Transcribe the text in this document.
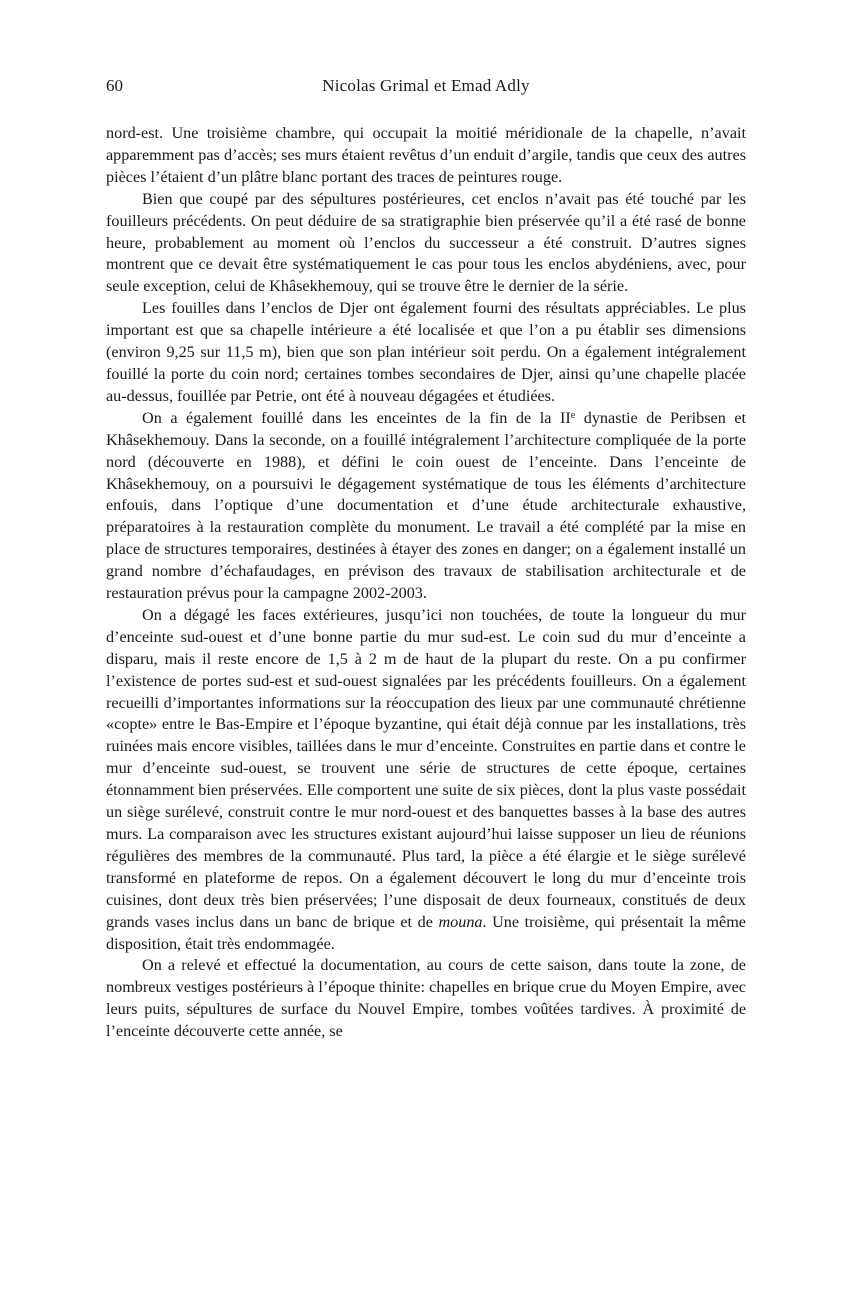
60	Nicolas Grimal et Emad Adly

nord-est. Une troisième chambre, qui occupait la moitié méridionale de la chapelle, n’avait apparemment pas d’accès; ses murs étaient revêtus d’un enduit d’argile, tandis que ceux des autres pièces l’étaient d’un plâtre blanc portant des traces de peintures rouge.

Bien que coupé par des sépultures postérieures, cet enclos n’avait pas été touché par les fouilleurs précédents. On peut déduire de sa stratigraphie bien préservée qu’il a été rasé de bonne heure, probablement au moment où l’enclos du successeur a été construit. D’autres signes montrent que ce devait être systématiquement le cas pour tous les enclos abydéniens, avec, pour seule exception, celui de Khâsekhemouy, qui se trouve être le dernier de la série.

Les fouilles dans l’enclos de Djer ont également fourni des résultats appréciables. Le plus important est que sa chapelle intérieure a été localisée et que l’on a pu établir ses dimensions (environ 9,25 sur 11,5 m), bien que son plan intérieur soit perdu. On a également intégralement fouillé la porte du coin nord; certaines tombes secondaires de Djer, ainsi qu’une chapelle placée au-dessus, fouillée par Petrie, ont été à nouveau dégagées et étudiées.

On a également fouillé dans les enceintes de la fin de la IIe dynastie de Peribsen et Khâsekhemouy. Dans la seconde, on a fouillé intégralement l’architecture compliquée de la porte nord (découverte en 1988), et défini le coin ouest de l’enceinte. Dans l’enceinte de Khâsekhemouy, on a poursuivi le dégagement systématique de tous les éléments d’architecture enfouis, dans l’optique d’une documentation et d’une étude architecturale exhaustive, préparatoires à la restauration complète du monument. Le travail a été complété par la mise en place de structures temporaires, destinées à étayer des zones en danger; on a également installé un grand nombre d’échafaudages, en prévison des travaux de stabilisation architecturale et de restauration prévus pour la campagne 2002-2003.

On a dégagé les faces extérieures, jusqu’ici non touchées, de toute la longueur du mur d’enceinte sud-ouest et d’une bonne partie du mur sud-est. Le coin sud du mur d’enceinte a disparu, mais il reste encore de 1,5 à 2 m de haut de la plupart du reste. On a pu confirmer l’existence de portes sud-est et sud-ouest signalées par les précédents fouilleurs. On a également recueilli d’importantes informations sur la réoccupation des lieux par une communauté chrétienne «copte» entre le Bas-Empire et l’époque byzantine, qui était déjà connue par les installations, très ruinées mais encore visibles, taillées dans le mur d’enceinte. Construites en partie dans et contre le mur d’enceinte sud-ouest, se trouvent une série de structures de cette époque, certaines étonnamment bien préservées. Elle comportent une suite de six pièces, dont la plus vaste possédait un siège surélevé, construit contre le mur nord-ouest et des banquettes basses à la base des autres murs. La comparaison avec les structures existant aujourd’hui laisse supposer un lieu de réunions régulières des membres de la communauté. Plus tard, la pièce a été élargie et le siège surélevé transformé en plateforme de repos. On a également découvert le long du mur d’enceinte trois cuisines, dont deux très bien préservées; l’une disposait de deux fourneaux, constitués de deux grands vases inclus dans un banc de brique et de mouna. Une troisième, qui présentait la même disposition, était très endommagée.

On a relevé et effectué la documentation, au cours de cette saison, dans toute la zone, de nombreux vestiges postérieurs à l’époque thinite: chapelles en brique crue du Moyen Empire, avec leurs puits, sépultures de surface du Nouvel Empire, tombes voûtées tardives. À proximité de l’enceinte découverte cette année, se
